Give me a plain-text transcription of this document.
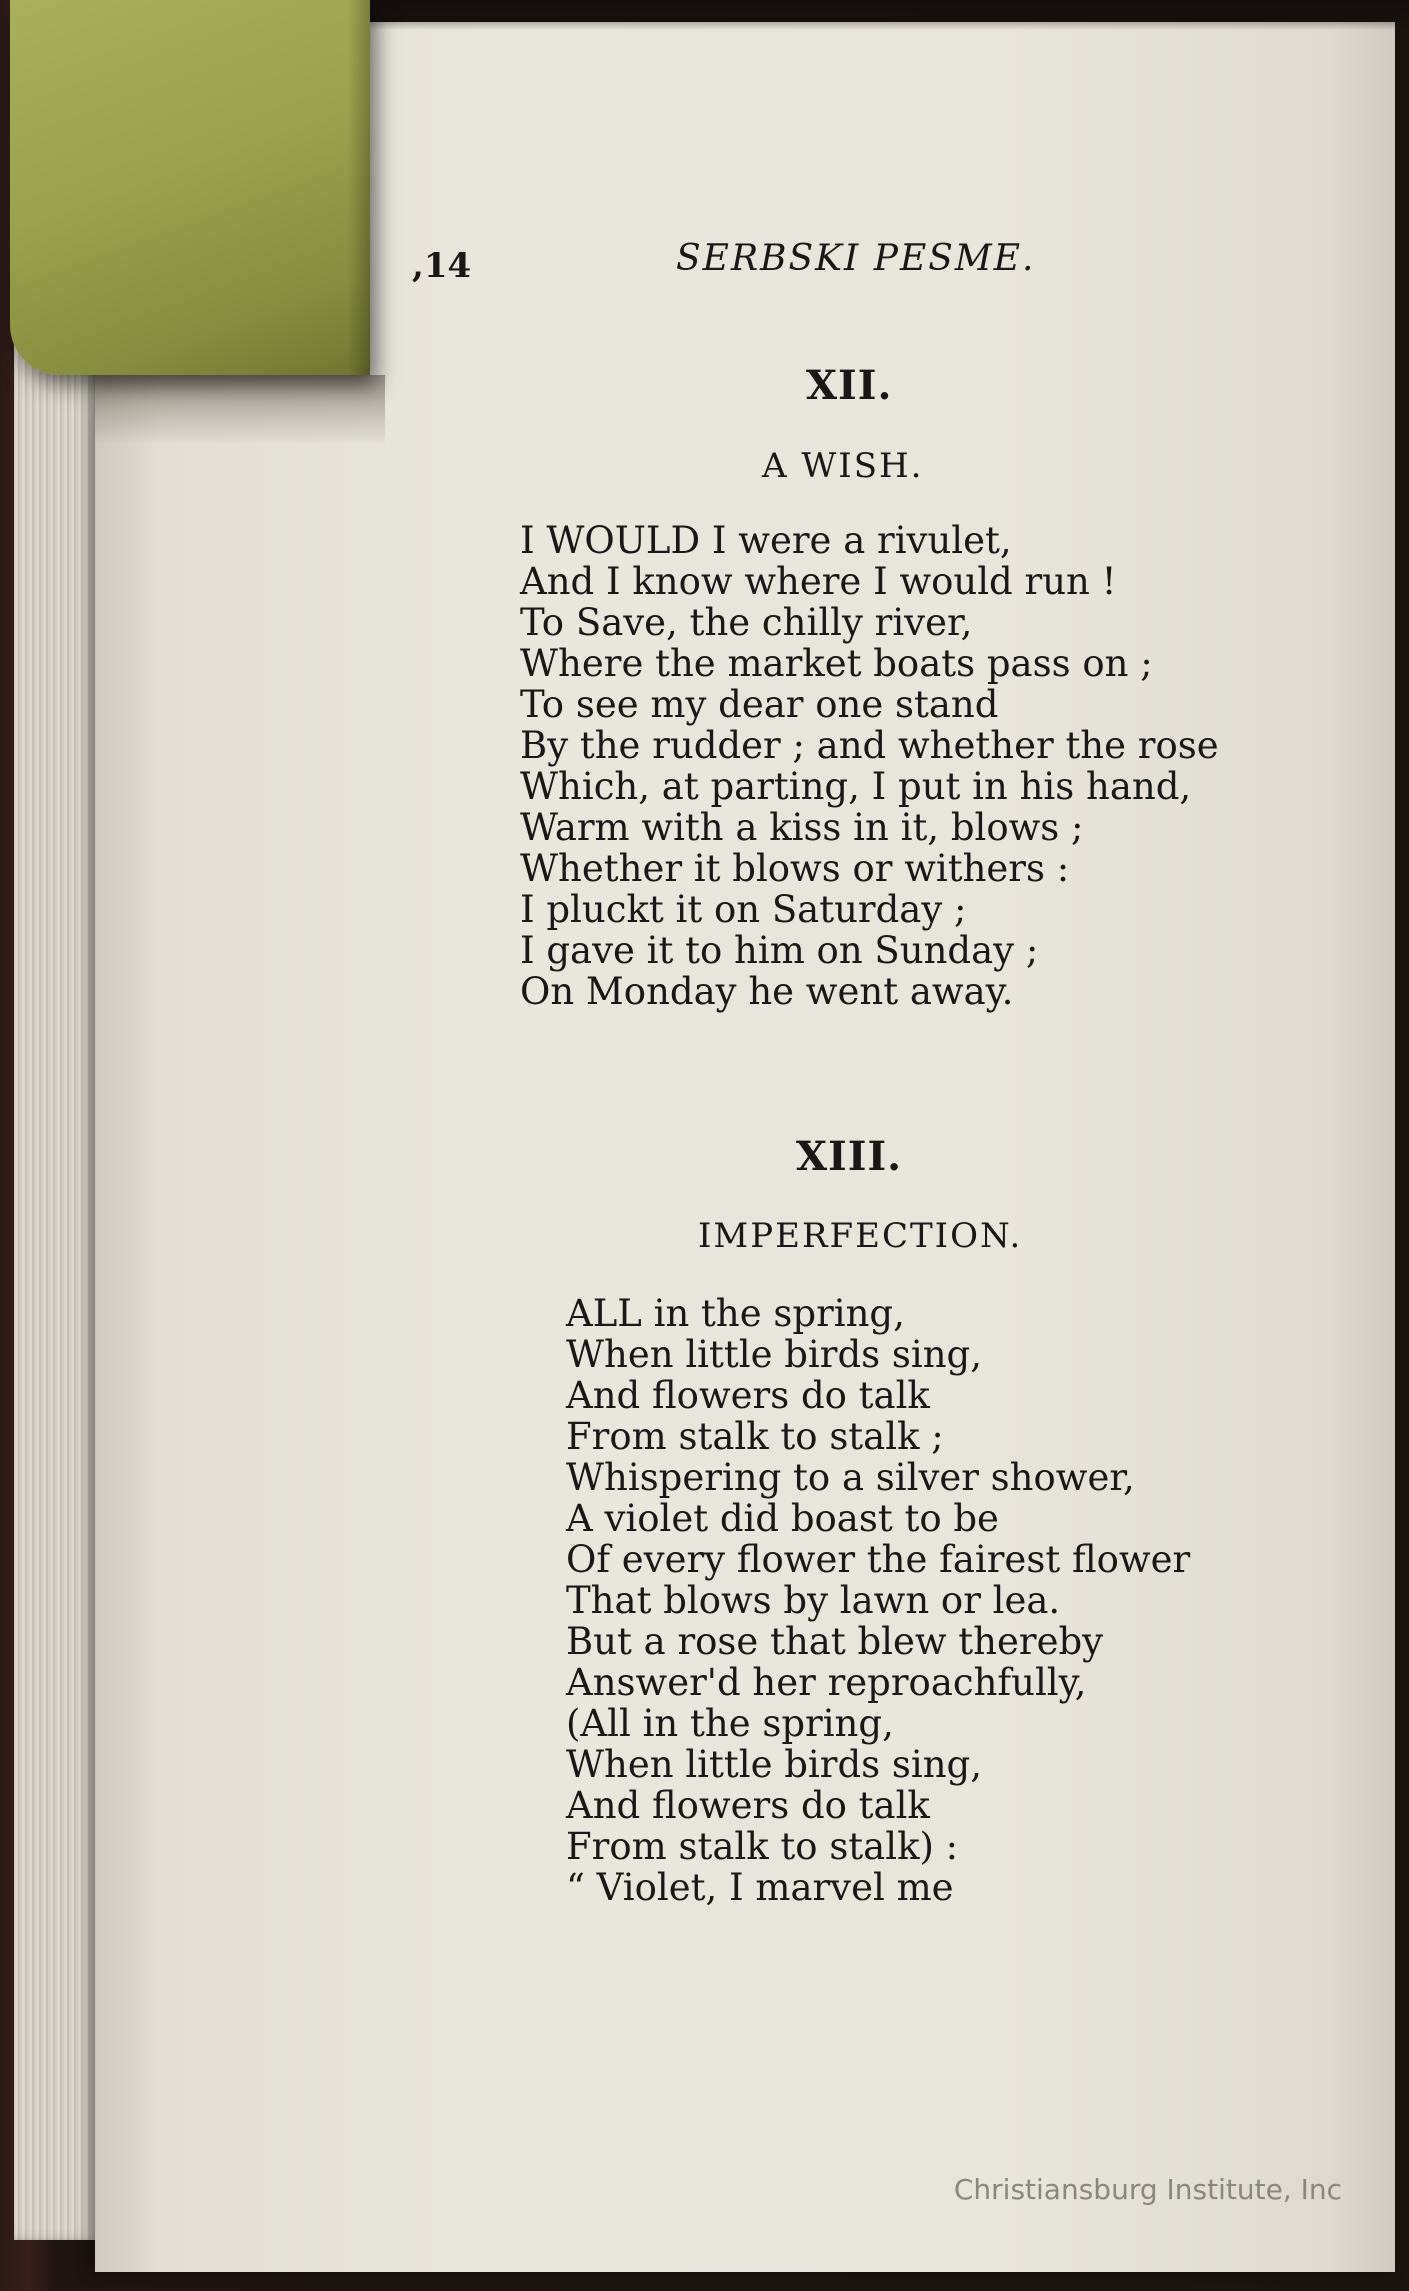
,14	SERBSKI PESME.

XII.

A WISH.

I WOULD I were a rivulet,
And I know where I would run !
To Save, the chilly river,
Where the market boats pass on ;
To see my dear one stand
By the rudder ; and whether the rose
Which, at parting, I put in his hand,
Warm with a kiss in it, blows ;
Whether it blows or withers :
I pluckt it on Saturday ;
I gave it to him on Sunday ;
On Monday he went away.

XIII.

IMPERFECTION.

ALL in the spring,
When little birds sing,
And flowers do talk
From stalk to stalk ;
Whispering to a silver shower,
A violet did boast to be
Of every flower the fairest flower
That blows by lawn or lea.
But a rose that blew thereby
Answer'd her reproachfully,
(All in the spring,
When little birds sing,
And flowers do talk
From stalk to stalk) :
“ Violet, I marvel me
Christiansburg Institute, Inc
